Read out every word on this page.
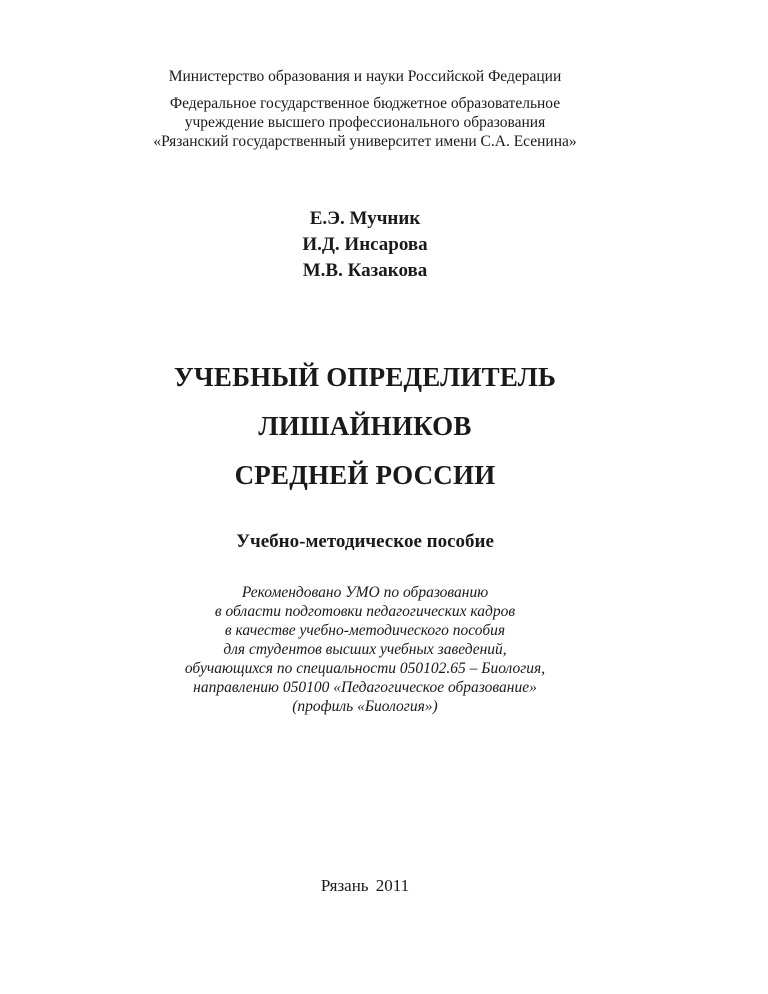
Министерство образования и науки Российской Федерации
Федеральное государственное бюджетное образовательное
учреждение высшего профессионального образования
«Рязанский государственный университет имени С.А. Есенина»
Е.Э. Мучник
И.Д. Инсарова
М.В. Казакова
УЧЕБНЫЙ ОПРЕДЕЛИТЕЛЬ
ЛИШАЙНИКОВ
СРЕДНЕЙ РОССИИ
Учебно-методическое пособие
Рекомендовано УМО по образованию
в области подготовки педагогических кадров
в качестве учебно-методического пособия
для студентов высших учебных заведений,
обучающихся по специальности 050102.65 – Биология,
направлению 050100 «Педагогическое образование»
(профиль «Биология»)
Рязань 2011
